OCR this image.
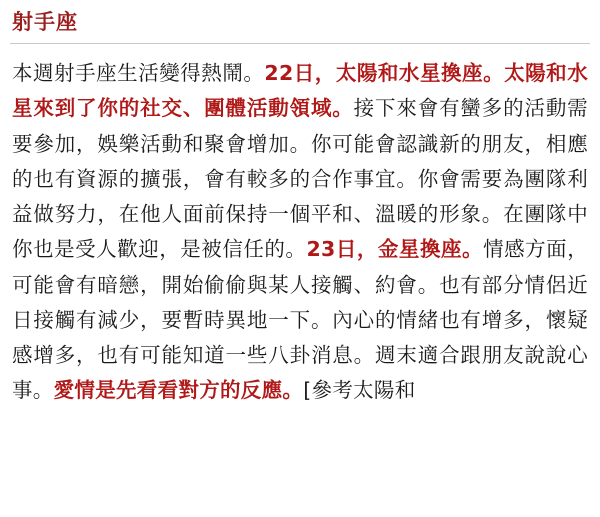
射手座
本週射手座生活變得熱鬧。22日，太陽和水星換座。太陽和水星來到了你的社交、團體活動領域。接下來會有蠻多的活動需要參加，娛樂活動和聚會增加。你可能會認識新的朋友，相應的也有資源的擴張，會有較多的合作事宜。你會需要為團隊利益做努力，在他人面前保持一個平和、溫暖的形象。在團隊中你也是受人歡迎，是被信任的。23日，金星換座。情感方面，可能會有暗戀，開始偷偷與某人接觸、約會。也有部分情侶近日接觸有減少，要暫時異地一下。內心的情緒也有增多，懷疑感增多，也有可能知道一些八卦消息。週末適合跟朋友說說心事。愛情是先看看對方的反應。[參考太陽和
